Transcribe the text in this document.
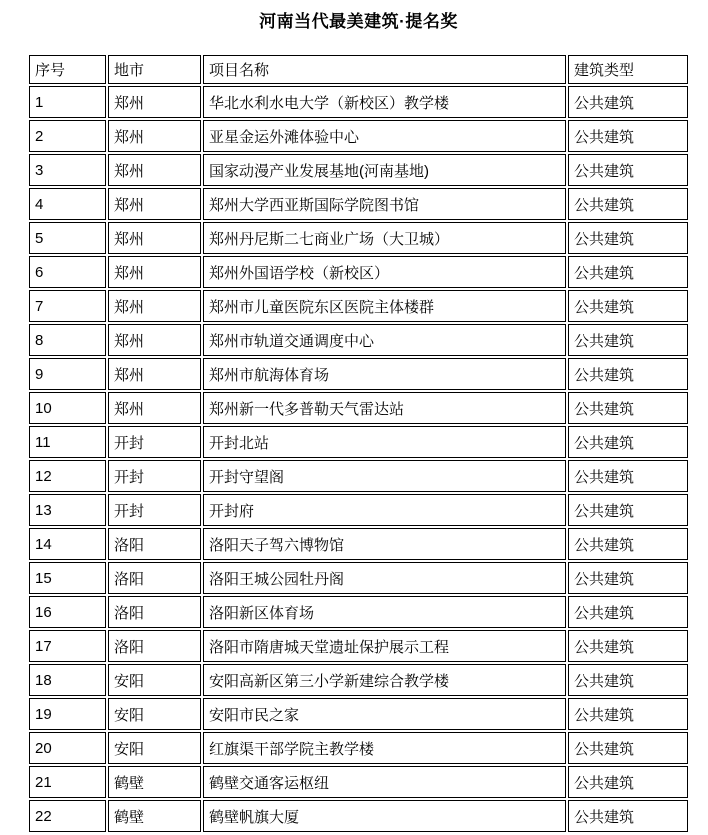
河南当代最美建筑·提名奖
序号	地市	项目名称	建筑类型
1	郑州	华北水利水电大学（新校区）教学楼	公共建筑
2	郑州	亚星金运外滩体验中心	公共建筑
3	郑州	国家动漫产业发展基地(河南基地)	公共建筑
4	郑州	郑州大学西亚斯国际学院图书馆	公共建筑
5	郑州	郑州丹尼斯二七商业广场（大卫城）	公共建筑
6	郑州	郑州外国语学校（新校区）	公共建筑
7	郑州	郑州市儿童医院东区医院主体楼群	公共建筑
8	郑州	郑州市轨道交通调度中心	公共建筑
9	郑州	郑州市航海体育场	公共建筑
10	郑州	郑州新一代多普勒天气雷达站	公共建筑
11	开封	开封北站	公共建筑
12	开封	开封守望阁	公共建筑
13	开封	开封府	公共建筑
14	洛阳	洛阳天子驾六博物馆	公共建筑
15	洛阳	洛阳王城公园牡丹阁	公共建筑
16	洛阳	洛阳新区体育场	公共建筑
17	洛阳	洛阳市隋唐城天堂遗址保护展示工程	公共建筑
18	安阳	安阳高新区第三小学新建综合教学楼	公共建筑
19	安阳	安阳市民之家	公共建筑
20	安阳	红旗渠干部学院主教学楼	公共建筑
21	鹤壁	鹤壁交通客运枢纽	公共建筑
22	鹤壁	鹤壁帆旗大厦	公共建筑
